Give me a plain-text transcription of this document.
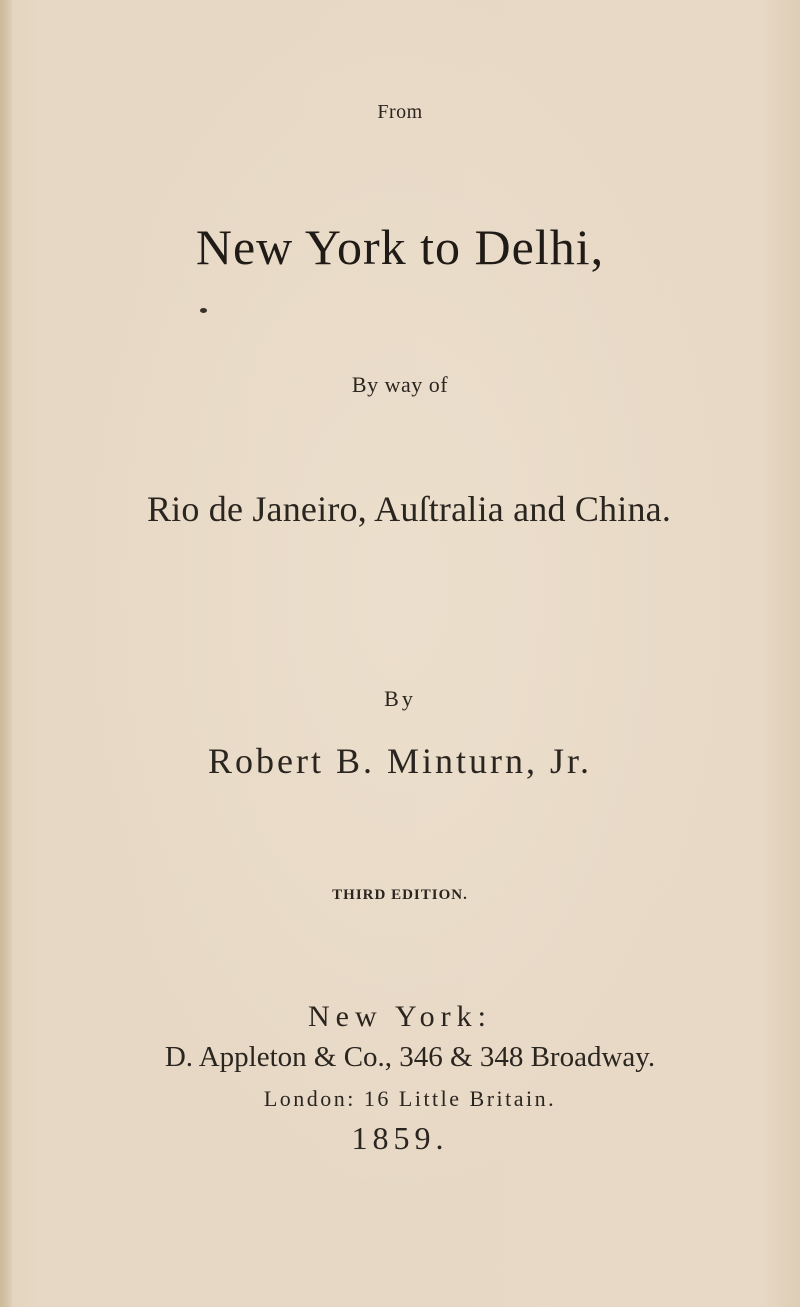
From

New York to Delhi,

By way of

Rio de Janeiro, Auſtralia and China.

By

Robert B. Minturn, Jr.

THIRD EDITION.

New York:

D. Appleton & Co., 346 & 348 Broadway.

London: 16 Little Britain.

1859.
